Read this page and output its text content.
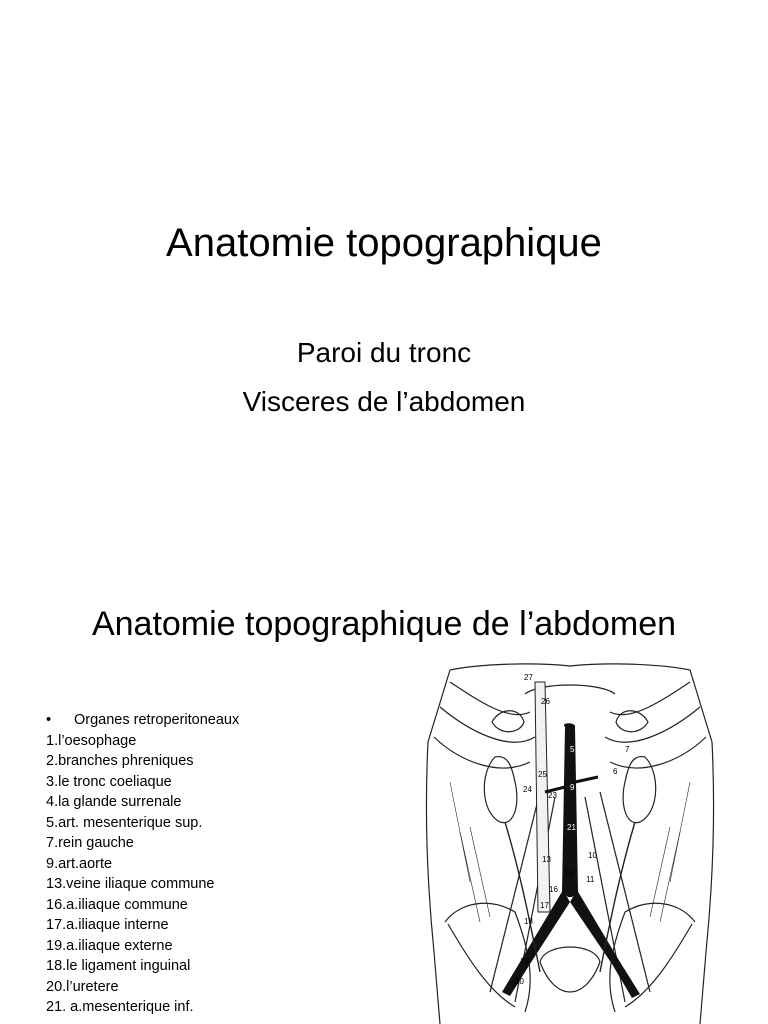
Anatomie topographique
Paroi du tronc
Visceres de l’abdomen
Anatomie topographique de l’abdomen
• Organes retroperitoneaux
1.l’oesophage
2.branches phreniques
3.le tronc coeliaque
4.la glande surrenale
5.art. mesenterique sup.
7.rein gauche
9.art.aorte
13.veine iliaque commune
16.a.iliaque commune
17.a.iliaque interne
19.a.iliaque externe
18.le ligament inguinal
20.l’uretere
21. a.mesenterique inf.
27
26
5	7
6
25
24
23
9
21
13
15
16
17
18
19
20
10
11
